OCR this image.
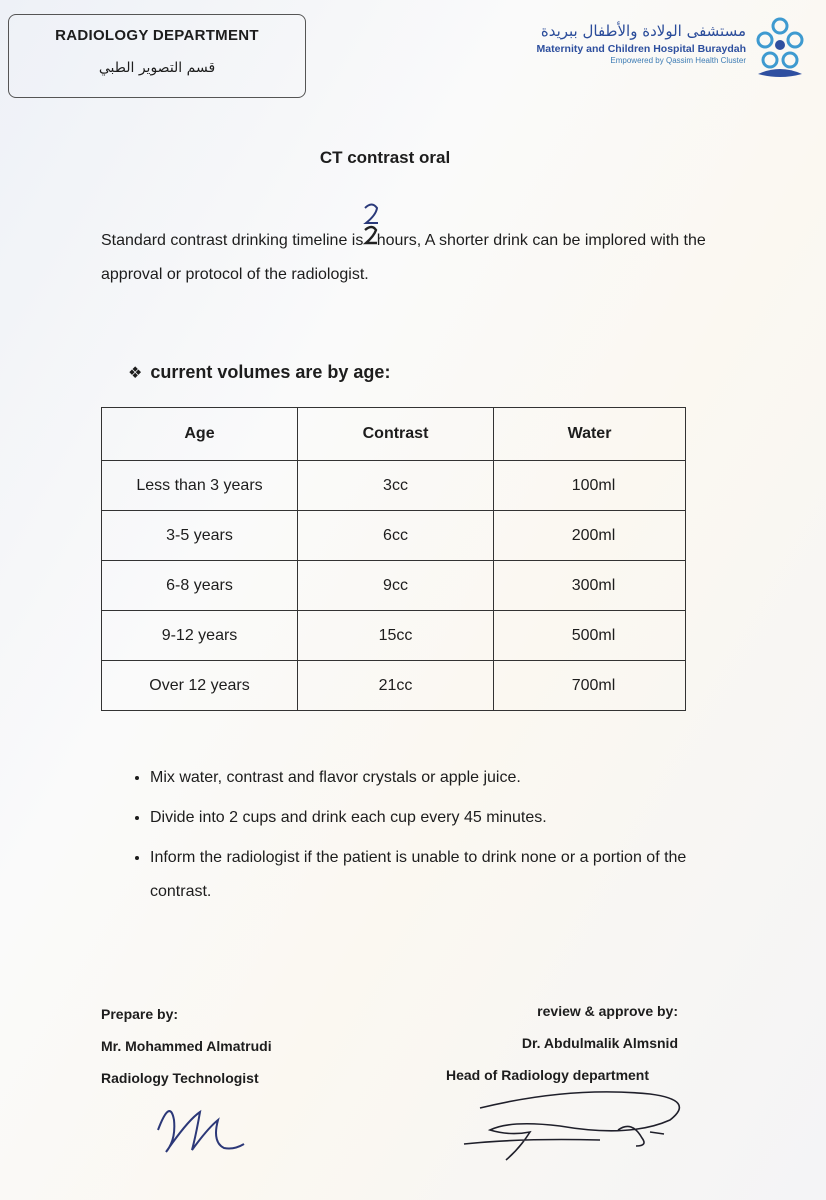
RADIOLOGY DEPARTMENT
قسم التصوير الطبي
مستشفى الولادة والأطفال ببريدة
Maternity and Children Hospital Buraydah
Empowered by Qassim Health Cluster
CT contrast oral
Standard contrast drinking timeline is hours, A shorter drink can be implored with the approval or protocol of the radiologist.
❖ current volumes are by age:
Age	Contrast	Water
Less than 3 years	3cc	100ml
3-5 years	6cc	200ml
6-8 years	9cc	300ml
9-12 years	15cc	500ml
Over 12 years	21cc	700ml
• Mix water, contrast and flavor crystals or apple juice.
• Divide into 2 cups and drink each cup every 45 minutes.
• Inform the radiologist if the patient is unable to drink none or a portion of the contrast.
Prepare by:
Mr. Mohammed Almatrudi
Radiology Technologist
review & approve by:
Dr. Abdulmalik Almsnid
Head of Radiology department
